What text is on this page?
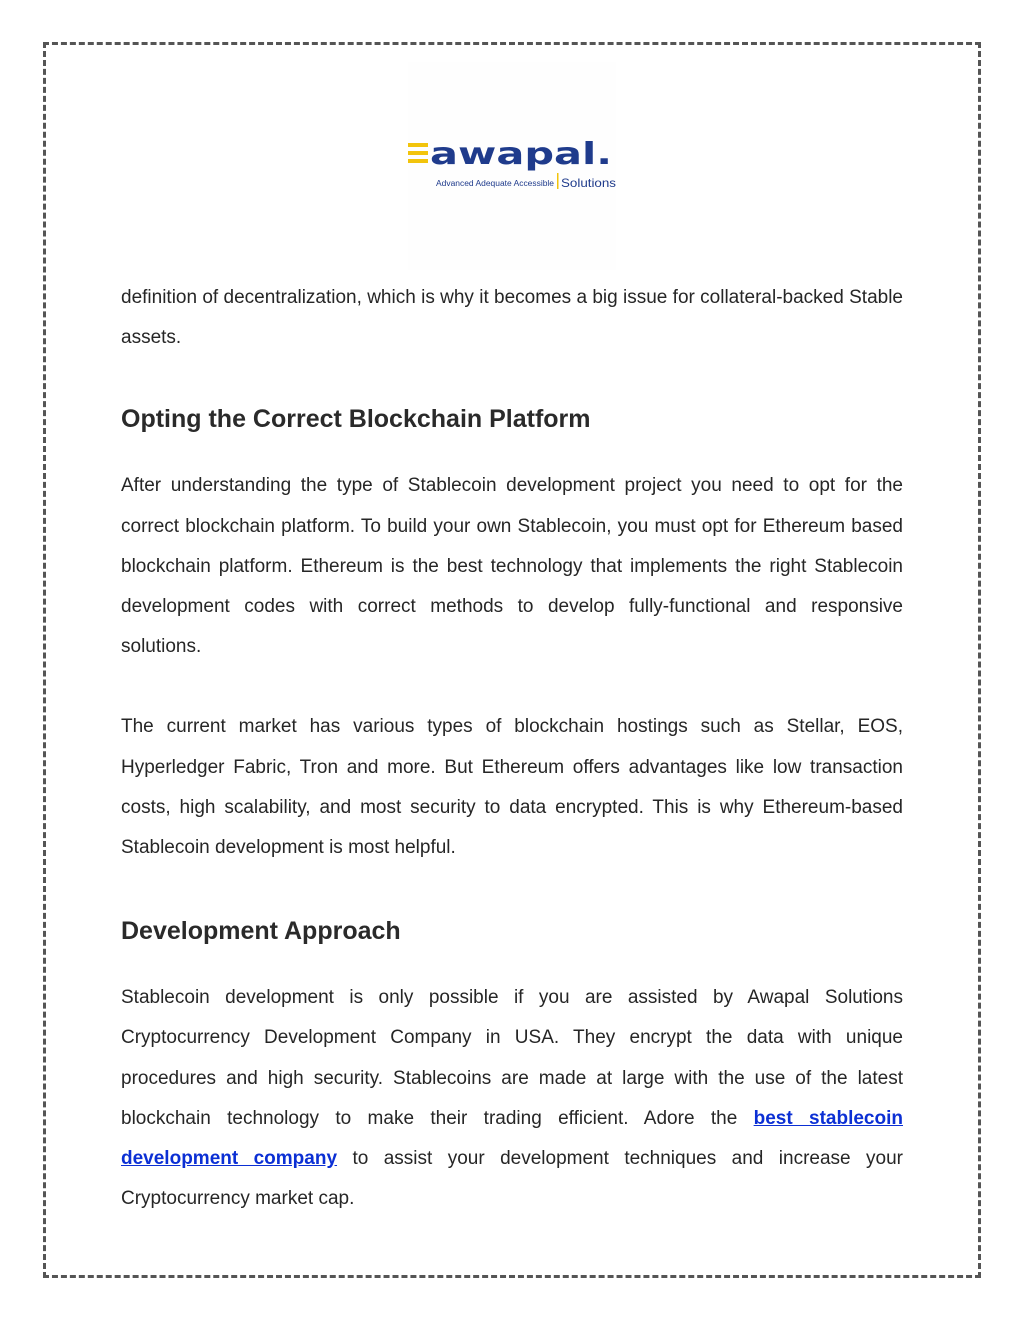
awapal.
Advanced Adequate Accessible Solutions

definition of decentralization, which is why it becomes a big issue for collateral-backed Stable assets.

Opting the Correct Blockchain Platform

After understanding the type of Stablecoin development project you need to opt for the correct blockchain platform. To build your own Stablecoin, you must opt for Ethereum based blockchain platform. Ethereum is the best technology that implements the right Stablecoin development codes with correct methods to develop fully-functional and responsive solutions.

The current market has various types of blockchain hostings such as Stellar, EOS, Hyperledger Fabric, Tron and more. But Ethereum offers advantages like low transaction costs, high scalability, and most security to data encrypted. This is why Ethereum-based Stablecoin development is most helpful.

Development Approach

Stablecoin development is only possible if you are assisted by Awapal Solutions Cryptocurrency Development Company in USA. They encrypt the data with unique procedures and high security. Stablecoins are made at large with the use of the latest blockchain technology to make their trading efficient. Adore the best stablecoin development company to assist your development techniques and increase your Cryptocurrency market cap.
